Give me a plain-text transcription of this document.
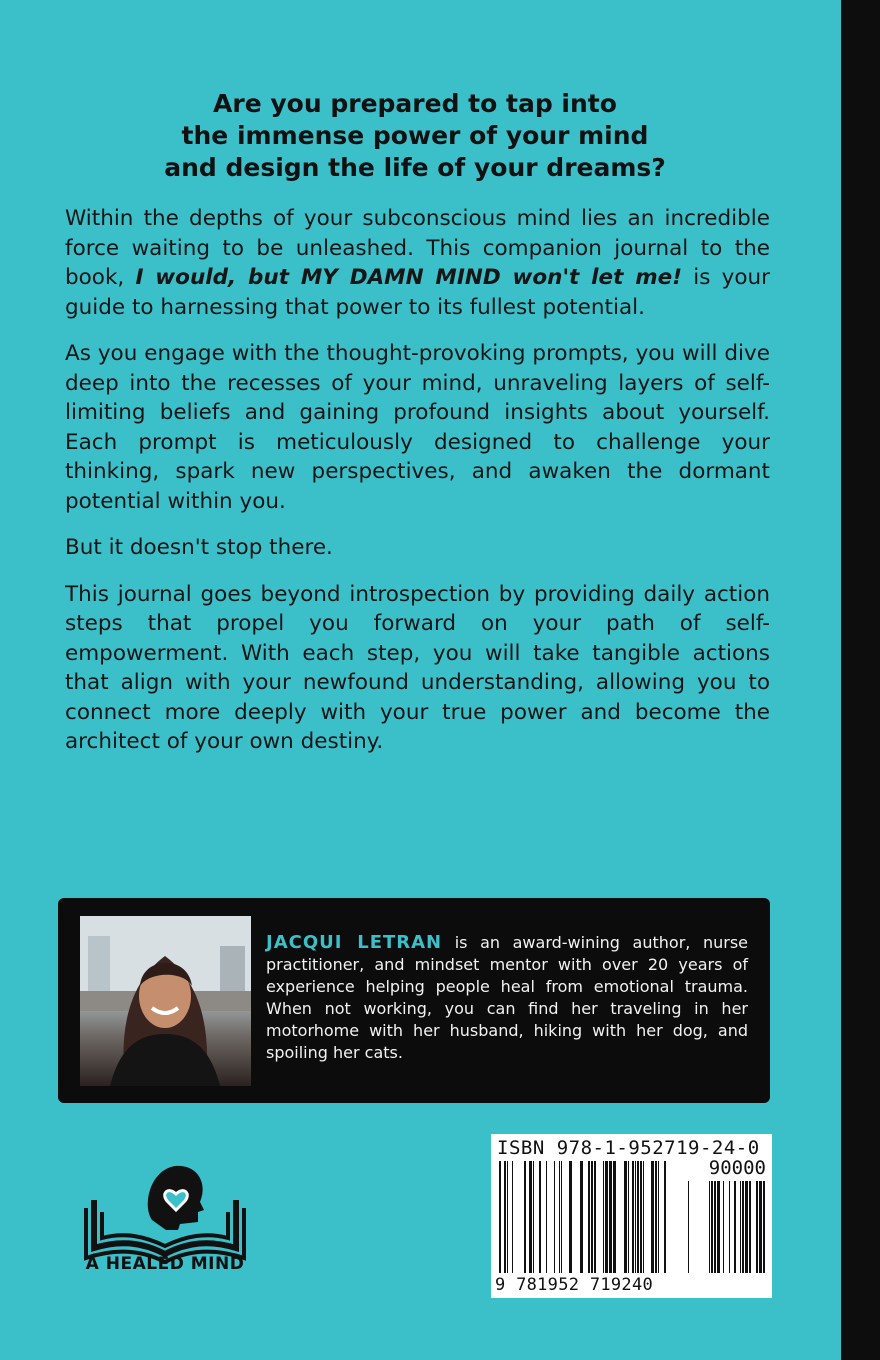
Are you prepared to tap into
the immense power of your mind
and design the life of your dreams?

Within the depths of your subconscious mind lies an incredible force waiting to be unleashed. This companion journal to the book, I would, but MY DAMN MIND won't let me! is your guide to harnessing that power to its fullest potential.

As you engage with the thought-provoking prompts, you will dive deep into the recesses of your mind, unraveling layers of self-limiting beliefs and gaining profound insights about yourself. Each prompt is meticulously designed to challenge your thinking, spark new perspectives, and awaken the dormant potential within you.

But it doesn't stop there.

This journal goes beyond introspection by providing daily action steps that propel you forward on your path of self-empowerment. With each step, you will take tangible actions that align with your newfound understanding, allowing you to connect more deeply with your true power and become the architect of your own destiny.

JACQUI LETRAN is an award-wining author, nurse practitioner, and mindset mentor with over 20 years of experience helping people heal from emotional trauma. When not working, you can find her traveling in her motorhome with her husband, hiking with her dog, and spoiling her cats.
A HEALED MIND
ISBN 978-1-952719-24-0
90000
9 781952 719240
